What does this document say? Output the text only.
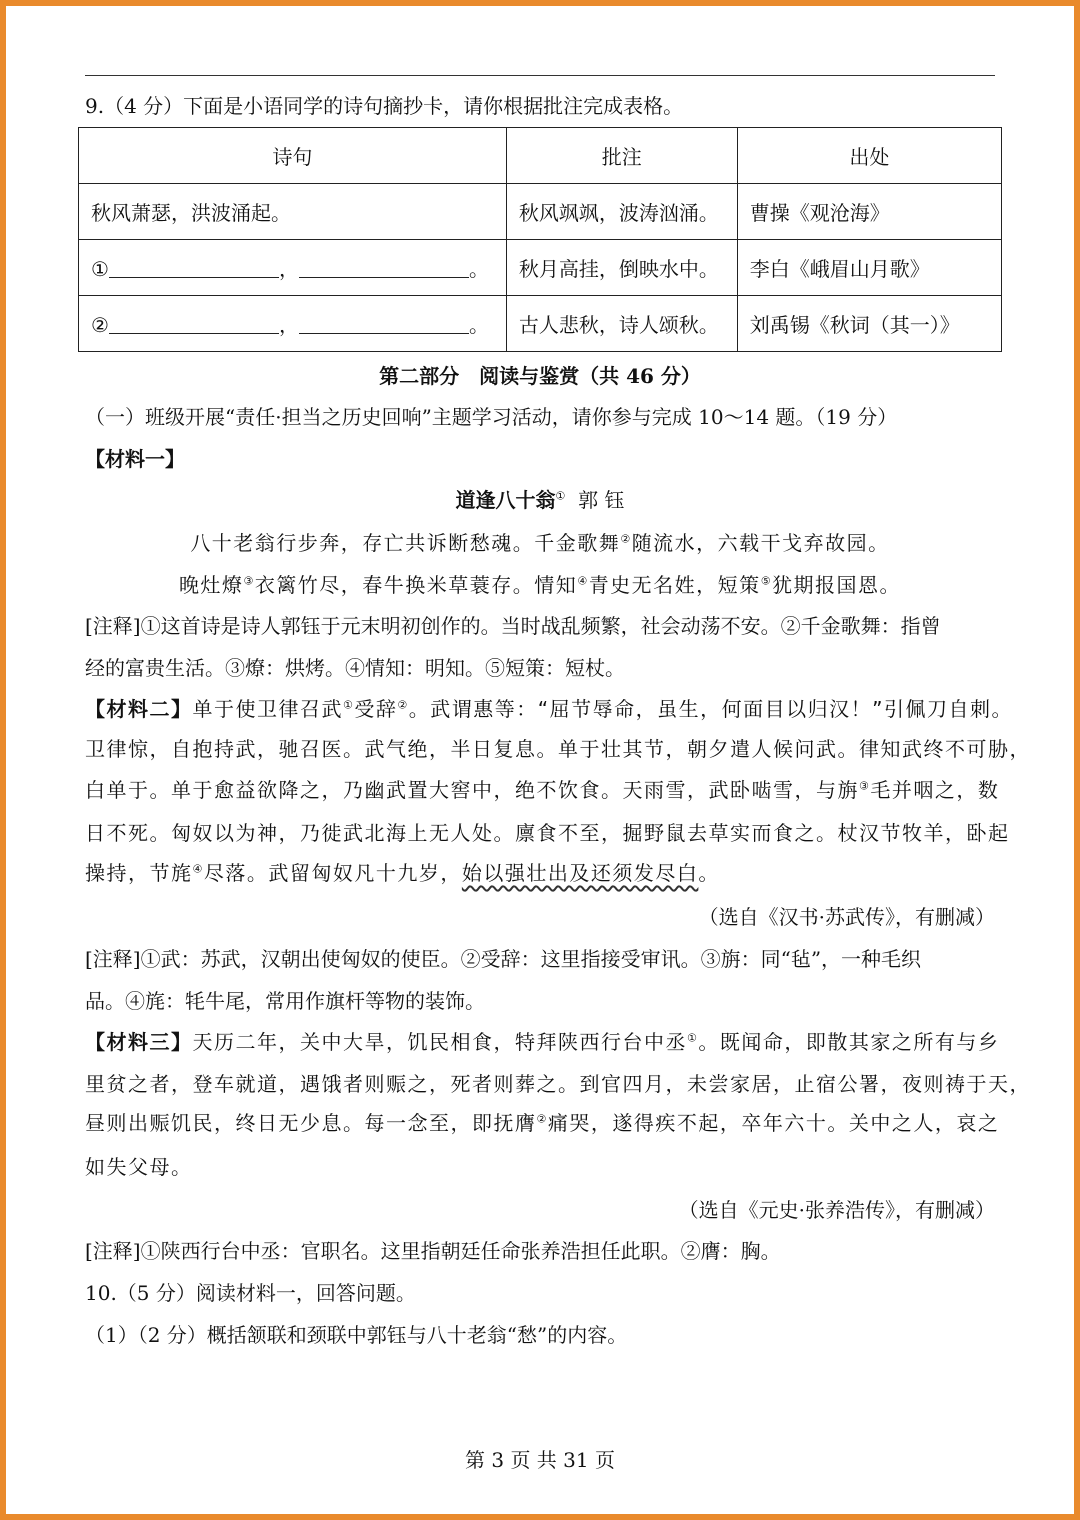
9.（4 分）下面是小语同学的诗句摘抄卡，请你根据批注完成表格。
诗句	批注	出处
秋风萧瑟，洪波涌起。	秋风飒飒，波涛汹涌。	曹操《观沧海》
① ， 。	秋月高挂，倒映水中。	李白《峨眉山月歌》
② ， 。	古人悲秋，诗人颂秋。	刘禹锡《秋词（其一）》
第二部分　阅读与鉴赏（共 46 分）
（一）班级开展“责任·担当之历史回响”主题学习活动，请你参与完成 10～14 题。（19 分）
【材料一】
道逢八十翁① 郭 钰
八十老翁行步奔，存亡共诉断愁魂。千金歌舞②随流水，六载干戈弃故园。
晚灶燎③衣篱竹尽，春牛换米草蓑存。情知④青史无名姓，短策⑤犹期报国恩。
[注释]①这首诗是诗人郭钰于元末明初创作的。当时战乱频繁，社会动荡不安。②千金歌舞：指曾
经的富贵生活。③燎：烘烤。④情知：明知。⑤短策：短杖。
【材料二】单于使卫律召武①受辞②。武谓惠等：“屈节辱命，虽生，何面目以归汉！”引佩刀自刺。
卫律惊，自抱持武，驰召医。武气绝，半日复息。单于壮其节，朝夕遣人候问武。律知武终不可胁，
白单于。单于愈益欲降之，乃幽武置大窖中，绝不饮食。天雨雪，武卧啮雪，与旃③毛并咽之，数
日不死。匈奴以为神，乃徙武北海上无人处。廪食不至，掘野鼠去草实而食之。杖汉节牧羊，卧起
操持，节旄④尽落。武留匈奴凡十九岁，始以强壮出及还须发尽白。
（选自《汉书·苏武传》，有删减）
[注释]①武：苏武，汉朝出使匈奴的使臣。②受辞：这里指接受审讯。③旃：同“毡”，一种毛织
品。④旄：牦牛尾，常用作旗杆等物的装饰。
【材料三】天历二年，关中大旱，饥民相食，特拜陕西行台中丞①。既闻命，即散其家之所有与乡
里贫之者，登车就道，遇饿者则赈之，死者则葬之。到官四月，未尝家居，止宿公署，夜则祷于天，
昼则出赈饥民，终日无少息。每一念至，即抚膺②痛哭，遂得疾不起，卒年六十。关中之人，哀之
如失父母。
（选自《元史·张养浩传》，有删减）
[注释]①陕西行台中丞：官职名。这里指朝廷任命张养浩担任此职。②膺：胸。
10.（5 分）阅读材料一，回答问题。
（1）（2 分）概括颔联和颈联中郭钰与八十老翁“愁”的内容。
第 3 页 共 31 页
